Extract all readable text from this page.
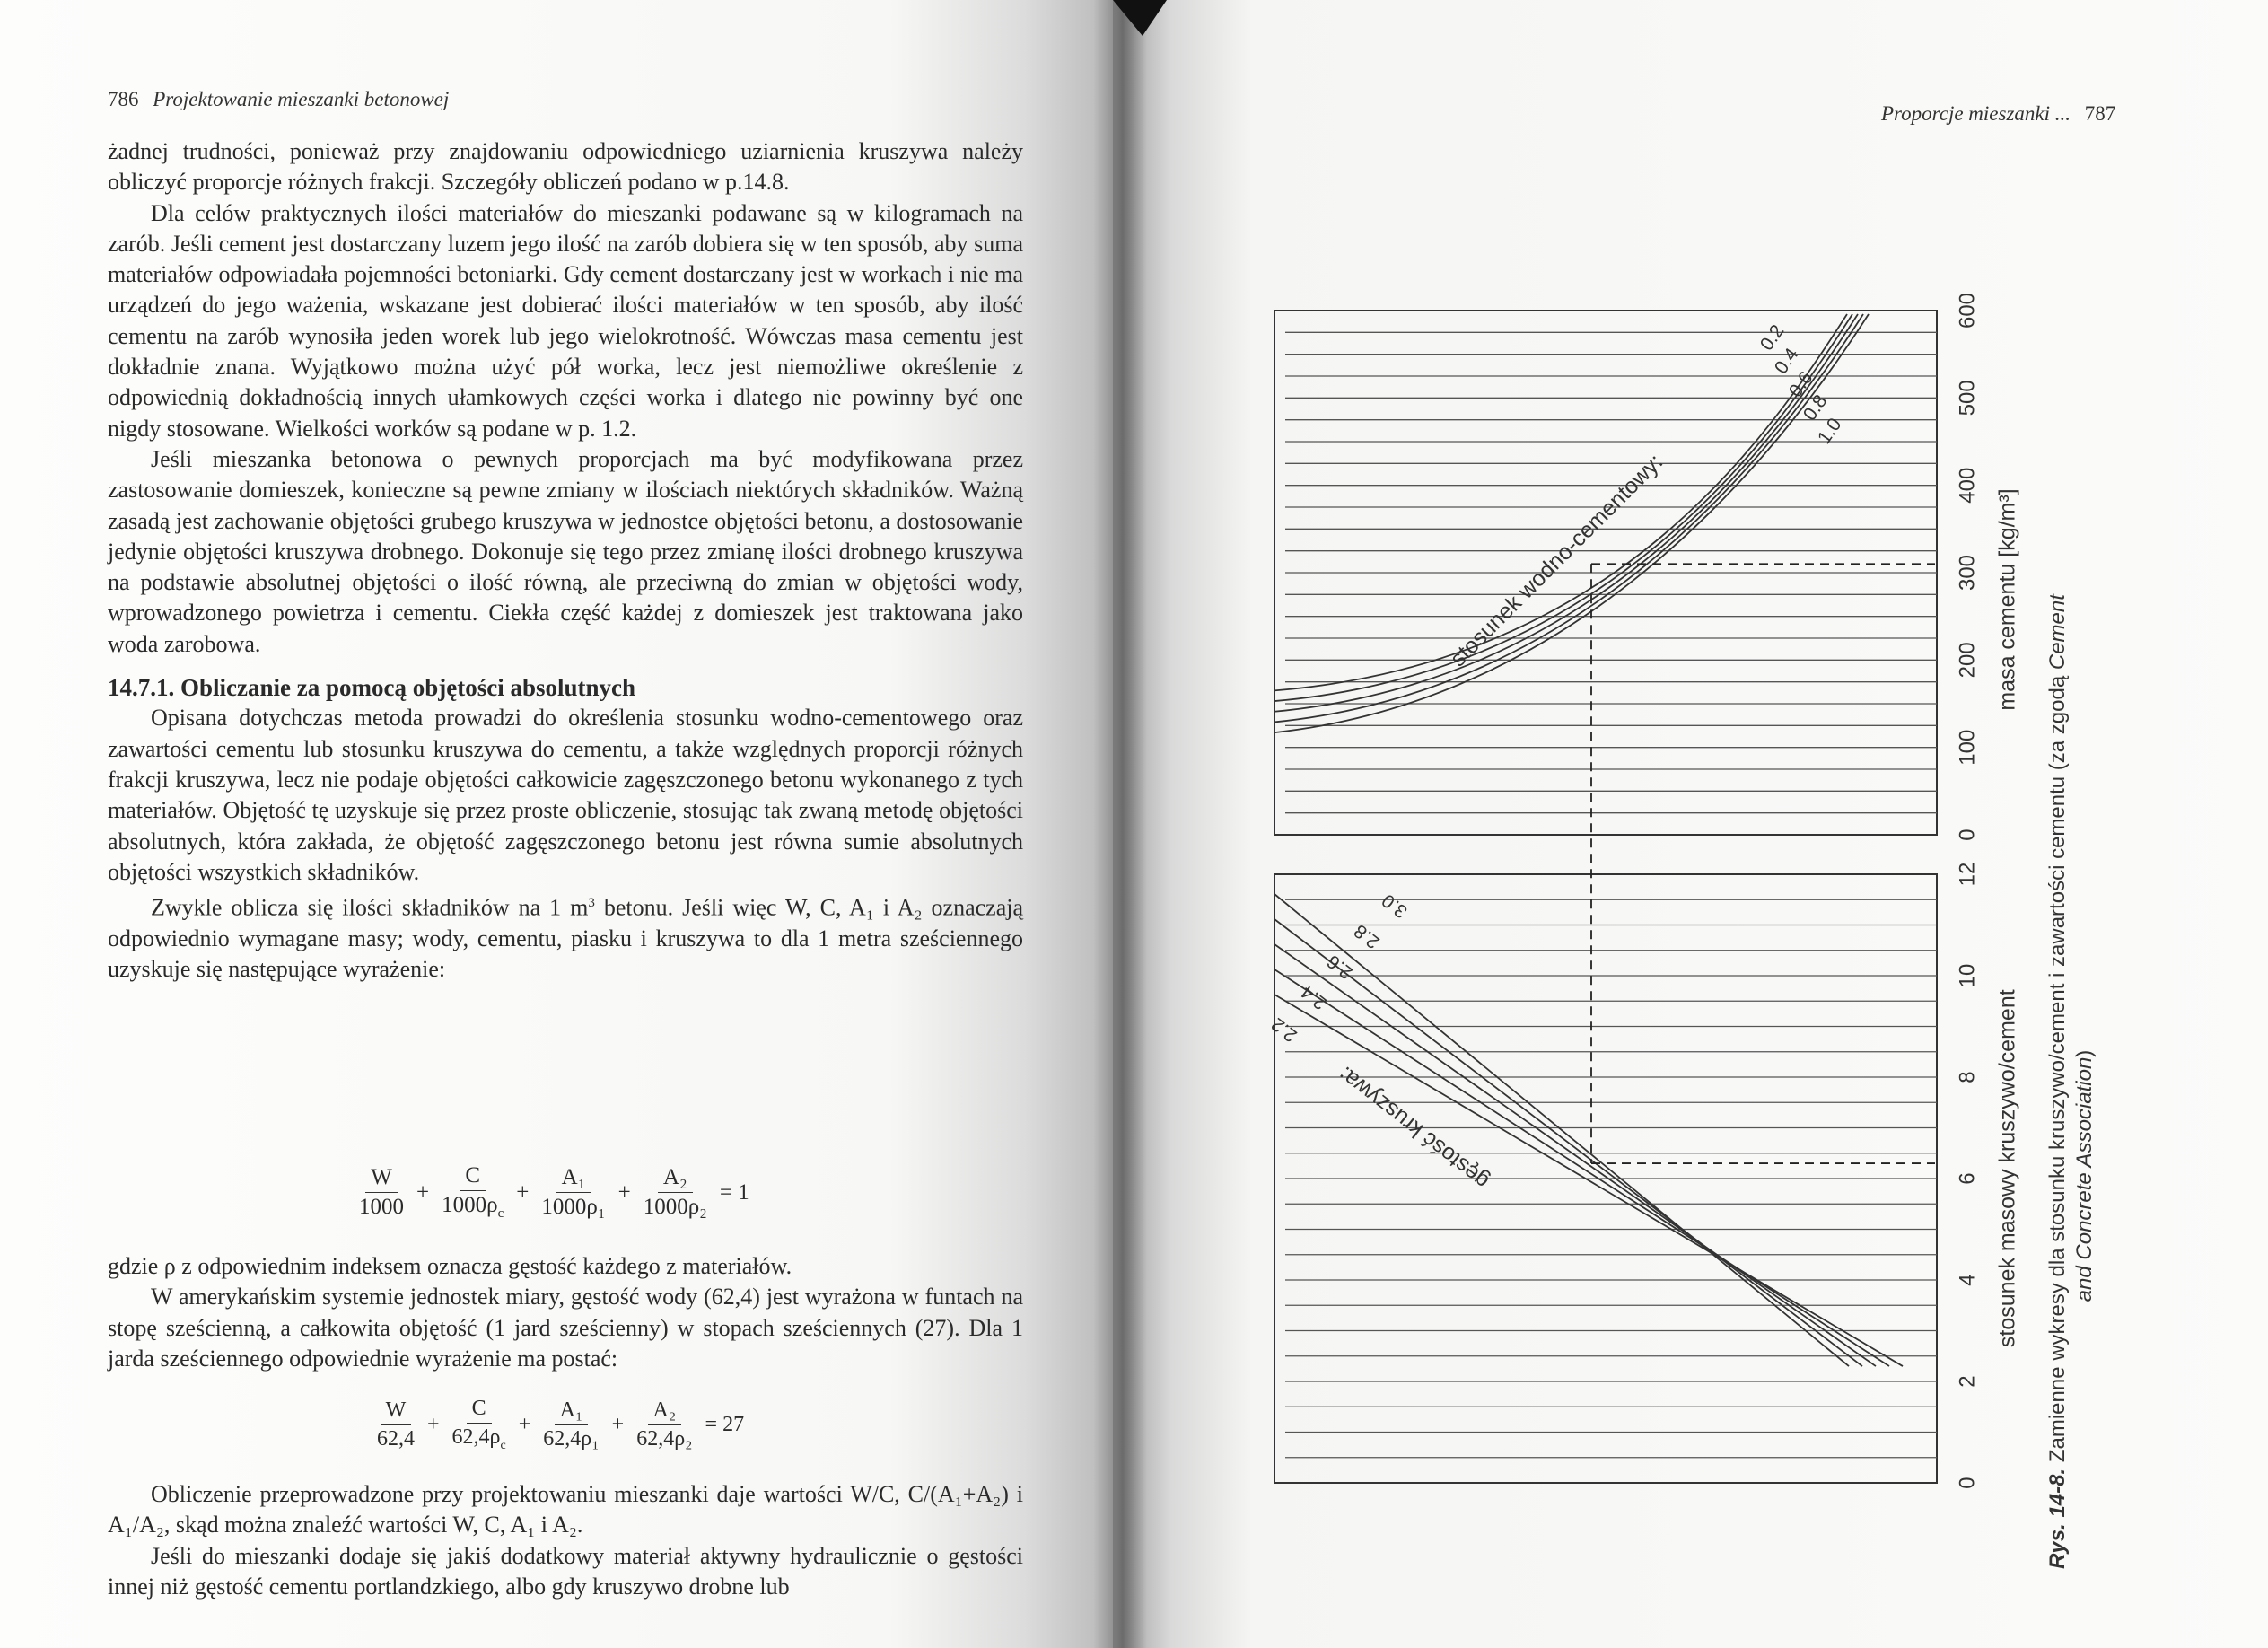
786 Projektowanie mieszanki betonowej

żadnej trudności, ponieważ przy znajdowaniu odpowiedniego uziarnienia kruszywa należy obliczyć proporcje różnych frakcji. Szczegóły obliczeń podano w p.14.8.

Dla celów praktycznych ilości materiałów do mieszanki podawane są w kilogramach na zarób. Jeśli cement jest dostarczany luzem jego ilość na zarób dobiera się w ten sposób, aby suma materiałów odpowiadała pojemności betoniarki. Gdy cement dostarczany jest w workach i nie ma urządzeń do jego ważenia, wskazane jest dobierać ilości materiałów w ten sposób, aby ilość cementu na zarób wynosiła jeden worek lub jego wielokrotność. Wówczas masa cementu jest dokładnie znana. Wyjątkowo można użyć pół worka, lecz jest niemożliwe określenie z odpowiednią dokładnością innych ułamkowych części worka i dlatego nie powinny być one nigdy stosowane. Wielkości worków są podane w p. 1.2.

Jeśli mieszanka betonowa o pewnych proporcjach ma być modyfikowana przez zastosowanie domieszek, konieczne są pewne zmiany w ilościach niektórych składników. Ważną zasadą jest zachowanie objętości grubego kruszywa w jednostce objętości betonu, a dostosowanie jedynie objętości kruszywa drobnego. Dokonuje się tego przez zmianę ilości drobnego kruszywa na podstawie absolutnej objętości o ilość równą, ale przeciwną do zmian w objętości wody, wprowadzonego powietrza i cementu. Ciekła część każdej z domieszek jest traktowana jako woda zarobowa.

14.7.1. Obliczanie za pomocą objętości absolutnych

Opisana dotychczas metoda prowadzi do określenia stosunku wodno-cementowego oraz zawartości cementu lub stosunku kruszywa do cementu, a także względnych proporcji różnych frakcji kruszywa, lecz nie podaje objętości całkowicie zagęszczonego betonu wykonanego z tych materiałów. Objętość tę uzyskuje się przez proste obliczenie, stosując tak zwaną metodę objętości absolutnych, która zakłada, że objętość zagęszczonego betonu jest równa sumie absolutnych objętości wszystkich składników.

Zwykle oblicza się ilości składników na 1 $m^3$ betonu. Jeśli więc W, C, A₁ i A₂ oznaczają odpowiednio wymagane masy; wody, cementu, piasku i kruszywa to dla 1 metra sześciennego uzyskuje się następujące wyrażenie:

$\frac{W}{1000} + \frac{C}{1000\rho_c} + \frac{\text{A₁}}{\text{1000ρ₁}} + \frac{\text{A₂}}{\text{1000ρ₂}} = 1$

gdzie ρ z odpowiednim indeksem oznacza gęstość każdego z materiałów.

W amerykańskim systemie jednostek miary, gęstość wody (62,4) jest wyrażona w funtach na stopę sześcienną, a całkowita objętość (1 jard sześcienny) w stopach sześciennych (27). Dla 1 jarda sześciennego odpowiednie wyrażenie ma postać:

$\frac{W}{62,4} + \frac{C}{62,4\rho_c} + \frac{\text{A₁}}{\text{62,4ρ₁}} + \frac{\text{A₂}}{\text{62,4ρ₂}} = 27$

Obliczenie przeprowadzone przy projektowaniu mieszanki daje wartości W/C, C/(A₁+A₂) i A₁/A₂, skąd można znaleźć wartości W, C, A₁ i A₂.

Jeśli do mieszanki dodaje się jakiś dodatkowy materiał aktywny hydraulicznie o gęstości innej niż gęstość cementu portlandzkiego, albo gdy kruszywo drobne lub

Proporcje mieszanki ... 787
0
100
200
300
400
500
600
masa cementu [kg/m³]
0
2
4
6
8
10
12
stosunek masowy kruszywo/cement
0.2
0.4
0.6
0.8
1.0
stosunek wodno-cementowy:
2.2
2.4
2.6
2.8
3.0
gęstość kruszywa:
Rys. 14-8. Zamienne wykresy dla stosunku kruszywo/cement i zawartości cementu (za zgodą Cement
and Concrete Association)
